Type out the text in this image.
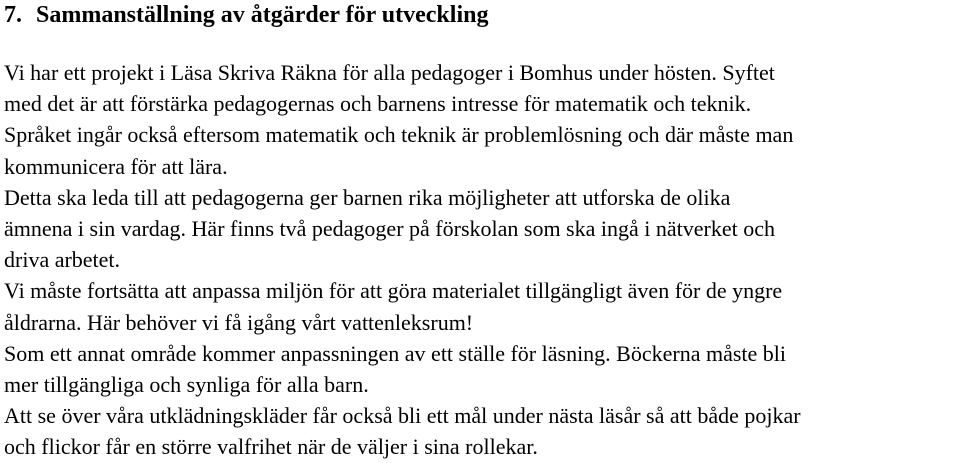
7. Sammanställning av åtgärder för utveckling
Vi har ett projekt i Läsa Skriva Räkna för alla pedagoger i Bomhus under hösten. Syftet
med det är att förstärka pedagogernas och barnens intresse för matematik och teknik.
Språket ingår också eftersom matematik och teknik är problemlösning och där måste man
kommunicera för att lära.
Detta ska leda till att pedagogerna ger barnen rika möjligheter att utforska de olika
ämnena i sin vardag. Här finns två pedagoger på förskolan som ska ingå i nätverket och
driva arbetet.
Vi måste fortsätta att anpassa miljön för att göra materialet tillgängligt även för de yngre
åldrarna. Här behöver vi få igång vårt vattenleksrum!
Som ett annat område kommer anpassningen av ett ställe för läsning. Böckerna måste bli
mer tillgängliga och synliga för alla barn.
Att se över våra utklädningskläder får också bli ett mål under nästa läsår så att både pojkar
och flickor får en större valfrihet när de väljer i sina rollekar.
